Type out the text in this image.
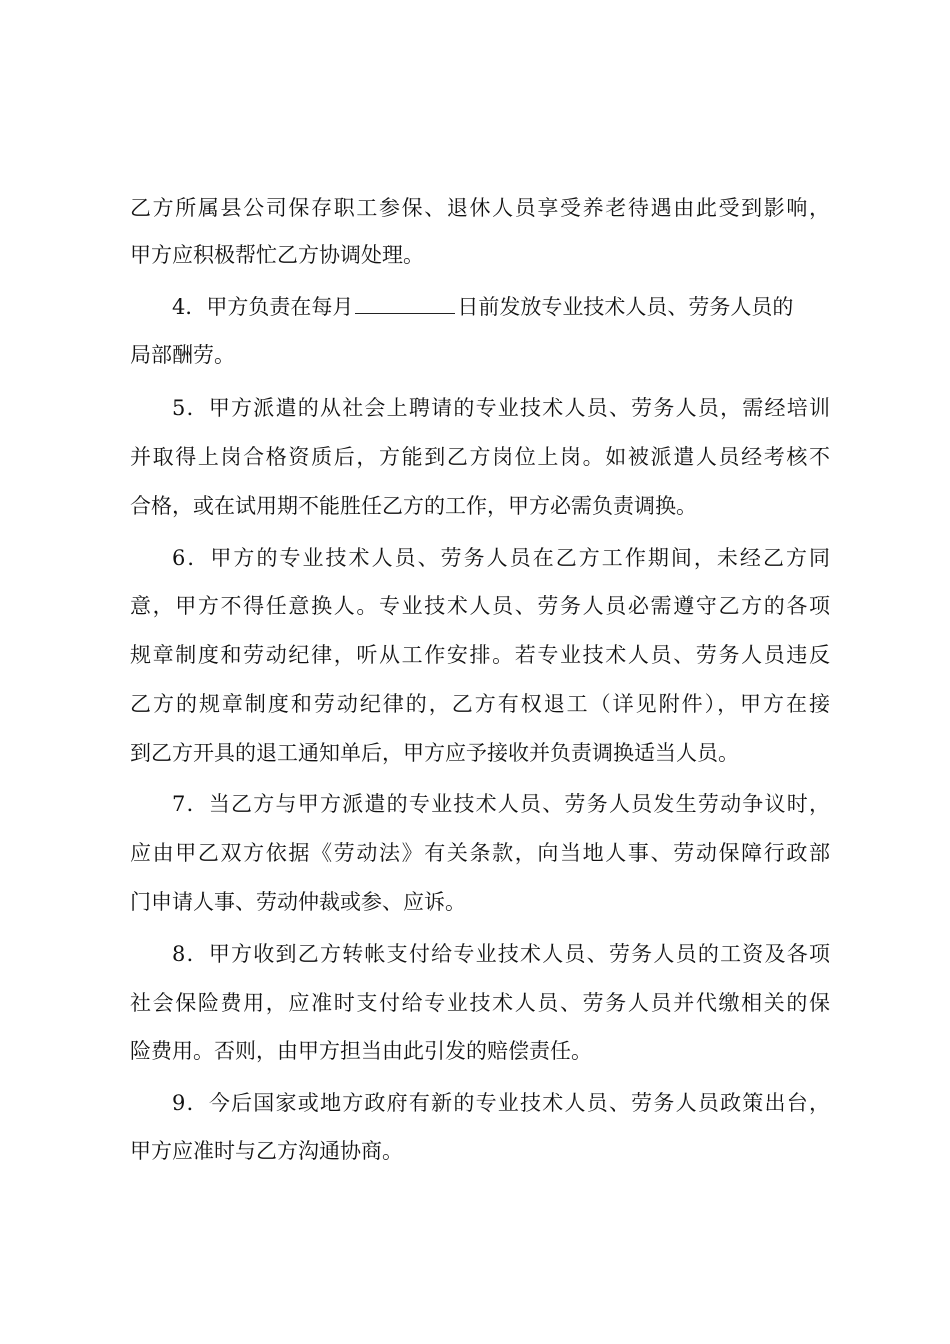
乙方所属县公司保存职工参保、退休人员享受养老待遇由此受到影响，
甲方应积极帮忙乙方协调处理。
4．甲方负责在每月	日前发放专业技术人员、劳务人员的
局部酬劳。
5．甲方派遣的从社会上聘请的专业技术人员、劳务人员，需经培训
并取得上岗合格资质后，方能到乙方岗位上岗。如被派遣人员经考核不
合格，或在试用期不能胜任乙方的工作，甲方必需负责调换。
6．甲方的专业技术人员、劳务人员在乙方工作期间，未经乙方同
意，甲方不得任意换人。专业技术人员、劳务人员必需遵守乙方的各项
规章制度和劳动纪律，听从工作安排。若专业技术人员、劳务人员违反
乙方的规章制度和劳动纪律的，乙方有权退工（详见附件），甲方在接
到乙方开具的退工通知单后，甲方应予接收并负责调换适当人员。
7．当乙方与甲方派遣的专业技术人员、劳务人员发生劳动争议时，
应由甲乙双方依据《劳动法》有关条款，向当地人事、劳动保障行政部
门申请人事、劳动仲裁或参、应诉。
8．甲方收到乙方转帐支付给专业技术人员、劳务人员的工资及各项
社会保险费用，应准时支付给专业技术人员、劳务人员并代缴相关的保
险费用。否则，由甲方担当由此引发的赔偿责任。
9．今后国家或地方政府有新的专业技术人员、劳务人员政策出台，
甲方应准时与乙方沟通协商。
